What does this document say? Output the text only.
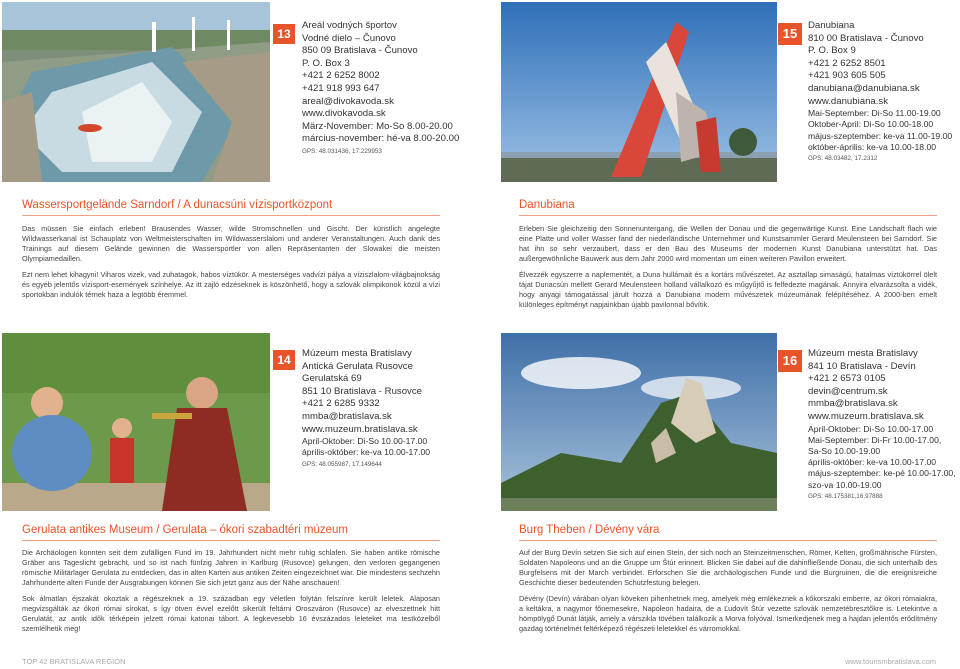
13	15
14	16
Areál vodných športov
Vodné dielo – Čunovo
850 09 Bratislava - Čunovo
P. O. Box 3
+421 2 6252 8002
+421 918 993 647
areal@divokavoda.sk
www.divokavoda.sk
März-November: Mo-So 8.00-20.00
március-november: hé-va 8.00-20.00
GPS: 48.031436, 17.229953
Danubiana
810 00 Bratislava - Čunovo
P. O. Box 9
+421 2 6252 8501
+421 903 605 505
danubiana@danubiana.sk
www.danubiana.sk
Mai-September: Di-So 11.00-19.00
Oktober-April: Di-So 10.00-18.00
május-szeptember: ke-va 11.00-19.00
október-április: ke-va 10.00-18.00
GPS: 48.03482, 17.2312
Múzeum mesta Bratislavy
Antická Gerulata Rusovce
Gerulatská 69
851 10 Bratislava - Rusovce
+421 2 6285 9332
mmba@bratislava.sk
www.muzeum.bratislava.sk
April-Oktober: Di-So 10.00-17.00
április-október: ke-va 10.00-17.00
GPS: 48.055987, 17.149644
Múzeum mesta Bratislavy
841 10 Bratislava - Devín
+421 2 6573 0105
devin@centrum.sk
mmba@bratislava.sk
www.muzeum.bratislava.sk
April-Oktober: Di-So 10.00-17.00
Mai-September: Di-Fr 10.00-17.00,
Sa-So 10.00-19.00
április-október: ke-va 10.00-17.00
május-szeptember: ke-pé 10.00-17.00,
szo-va 10.00-19.00
GPS: 48.175381,16.97888
Wassersportgelände Sarndorf / A dunacsúni vízisportközpont	Danubiana
Gerulata antikes Museum / Gerulata – ókori szabadtéri múzeum	Burg Theben / Dévény vára

Das müssen Sie einfach erleben! Brausendes Wasser, wilde Stromschnellen und Gischt. Der künstlich angelegte Wildwasserkanal ist Schauplatz von Weltmeisterschaften im Wildwasserslalom und anderer Veranstaltungen. Auch dank des Trainings auf diesem Gelände gewinnen die Wassersportler von allen Repräsentanten der Slowakei die meisten Olympiamedaillen.

Ezt nem lehet kihagyni! Viharos vizek, vad zuhatagok, habos víztükör. A mesterséges vadvízi pálya a víziszlalom-világbajnokság és egyéb jelentős vízisport-események színhelye. Az itt zajló edzéseknek is köszönhető, hogy a szlovák olimpikonok közül a vízi sportokban indulók térnek haza a legtöbb éremmel.

Erleben Sie gleichzeitig den Sonnenuntergang, die Wellen der Donau und die gegenwärtige Kunst. Eine Landschaft flach wie eine Platte und voller Wasser fand der niederländische Unternehmer und Kunstsammler Gerard Meulensteen bei Sarndorf. Sie hat ihn so sehr verzaubert, dass er den Bau des Museums der modernen Kunst Danubiana unterstützt hat. Das außergewöhnliche Bauwerk aus dem Jahr 2000 wird momentan um einen weiteren Pavillon erweitert.

Élvezzék egyszerre a naplementét, a Duna hullámait és a kortárs művészetet. Az asztallap simaságú, hatalmas víztükörrel ölelt tájat Dunacsún mellett Gerard Meulensteen holland vállalkozó és műgyűjtő is felfedezte magának. Annyira elvarázsolta a vidék, hogy anyagi támogatással járult hozzá a Danubiana modern művészetek múzeumának felépítéséhez. A 2000-ben emelt különleges építményt napjainkban újabb pavilonnal bővítik.

Die Archäologen konnten seit dem zufälligen Fund im 19. Jahrhundert nicht mehr ruhig schlafen. Sie haben antike römische Gräber ans Tageslicht gebracht, und so ist nach fünfzig Jahren in Karlburg (Rusovce) gelungen, den verloren gegangenen römische Militärlager Gerulata zu entdecken, das in alten Karten aus antiken Zeiten eingezeichnet war. Die mindestens sechzehn Jahrhunderte alten Funde der Ausgrabungen können Sie sich jetzt ganz aus der Nähe anschauen!

Sok álmatlan éjszakát okoztak a régészeknek a 19. században egy véletlen folytán felszínre került leletek. Alaposan megvizsgálták az ókori római sírokat, s így ötven évvel ezelőtt sikerült feltárni Oroszváron (Rusovce) az elveszettnek hitt Gerulatát, az antik idők térképein jelzett római katonai tábort. A legkevesebb 16 évszázados leleteket ma testközelből szemlélhetik meg!

Auf der Burg Devín setzen Sie sich auf einen Stein, der sich noch an Steinzeitmenschen, Römer, Kelten, großmährische Fürsten, Soldaten Napoleons und an die Gruppe um Štúr erinnert. Blicken Sie dabei auf die dahinfließende Donau, die sich unterhalb des Burgfelsens mit der March verbindet. Erforschen Sie die archäologischen Funde und die Burgruinen, die die ereignisreiche Geschichte dieser bedeutenden Schutzfestung belegen.

Dévény (Devín) várában olyan köveken pihenhetnek meg, amelyek még emlékeznek a kőkorszaki emberre, az ókori rómaiakra, a keltákra, a nagymor főnemesekre, Napóleon hadaira, de a Ľudovít Štúr vezette szlovák nemzetébresztőkre is. Letekintve a hömpölygő Dunát látják, amely a várszikla tövében találkozik a Morva folyóval. Ismerkedjenek meg a hajdan jelentős erődítmény gazdag történelmét feltérképező régészeti leletekkel és várromokkal.

TOP 42 BRATISLAVA REGION	www.tourismbratislava.com
